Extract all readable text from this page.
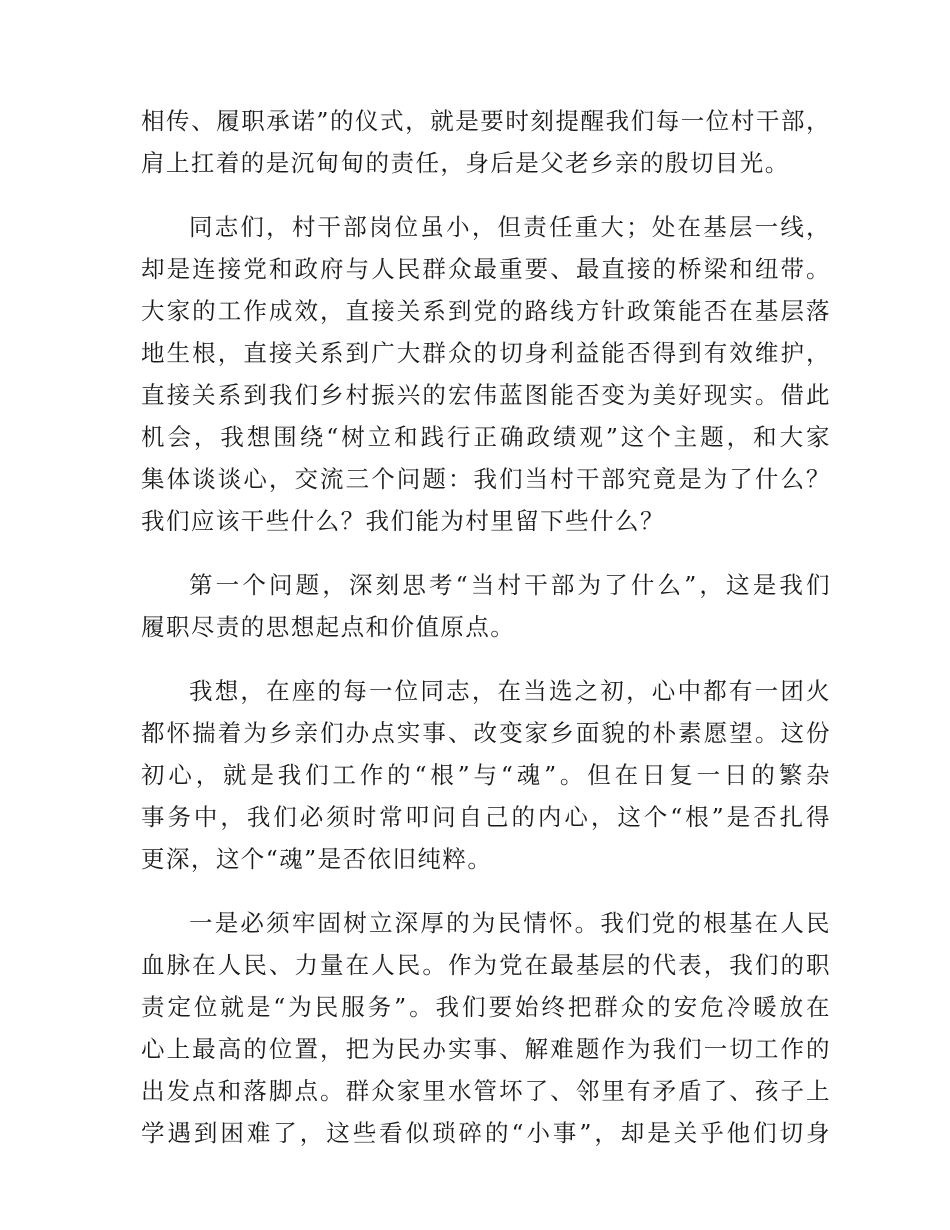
相传、履职承诺”的仪式，就是要时刻提醒我们每一位村干部，
肩上扛着的是沉甸甸的责任，身后是父老乡亲的殷切目光。
同志们，村干部岗位虽小，但责任重大；处在基层一线，
却是连接党和政府与人民群众最重要、最直接的桥梁和纽带。
大家的工作成效，直接关系到党的路线方针政策能否在基层落
地生根，直接关系到广大群众的切身利益能否得到有效维护，
直接关系到我们乡村振兴的宏伟蓝图能否变为美好现实。借此
机会，我想围绕“树立和践行正确政绩观”这个主题，和大家
集体谈谈心，交流三个问题：我们当村干部究竟是为了什么？
我们应该干些什么？我们能为村里留下些什么？
第一个问题，深刻思考“当村干部为了什么”，这是我们
履职尽责的思想起点和价值原点。
我想，在座的每一位同志，在当选之初，心中都有一团火
都怀揣着为乡亲们办点实事、改变家乡面貌的朴素愿望。这份
初心，就是我们工作的“根”与“魂”。但在日复一日的繁杂
事务中，我们必须时常叩问自己的内心，这个“根”是否扎得
更深，这个“魂”是否依旧纯粹。
一是必须牢固树立深厚的为民情怀。我们党的根基在人民
血脉在人民、力量在人民。作为党在最基层的代表，我们的职
责定位就是“为民服务”。我们要始终把群众的安危冷暖放在
心上最高的位置，把为民办实事、解难题作为我们一切工作的
出发点和落脚点。群众家里水管坏了、邻里有矛盾了、孩子上
学遇到困难了，这些看似琐碎的“小事”，却是关乎他们切身
